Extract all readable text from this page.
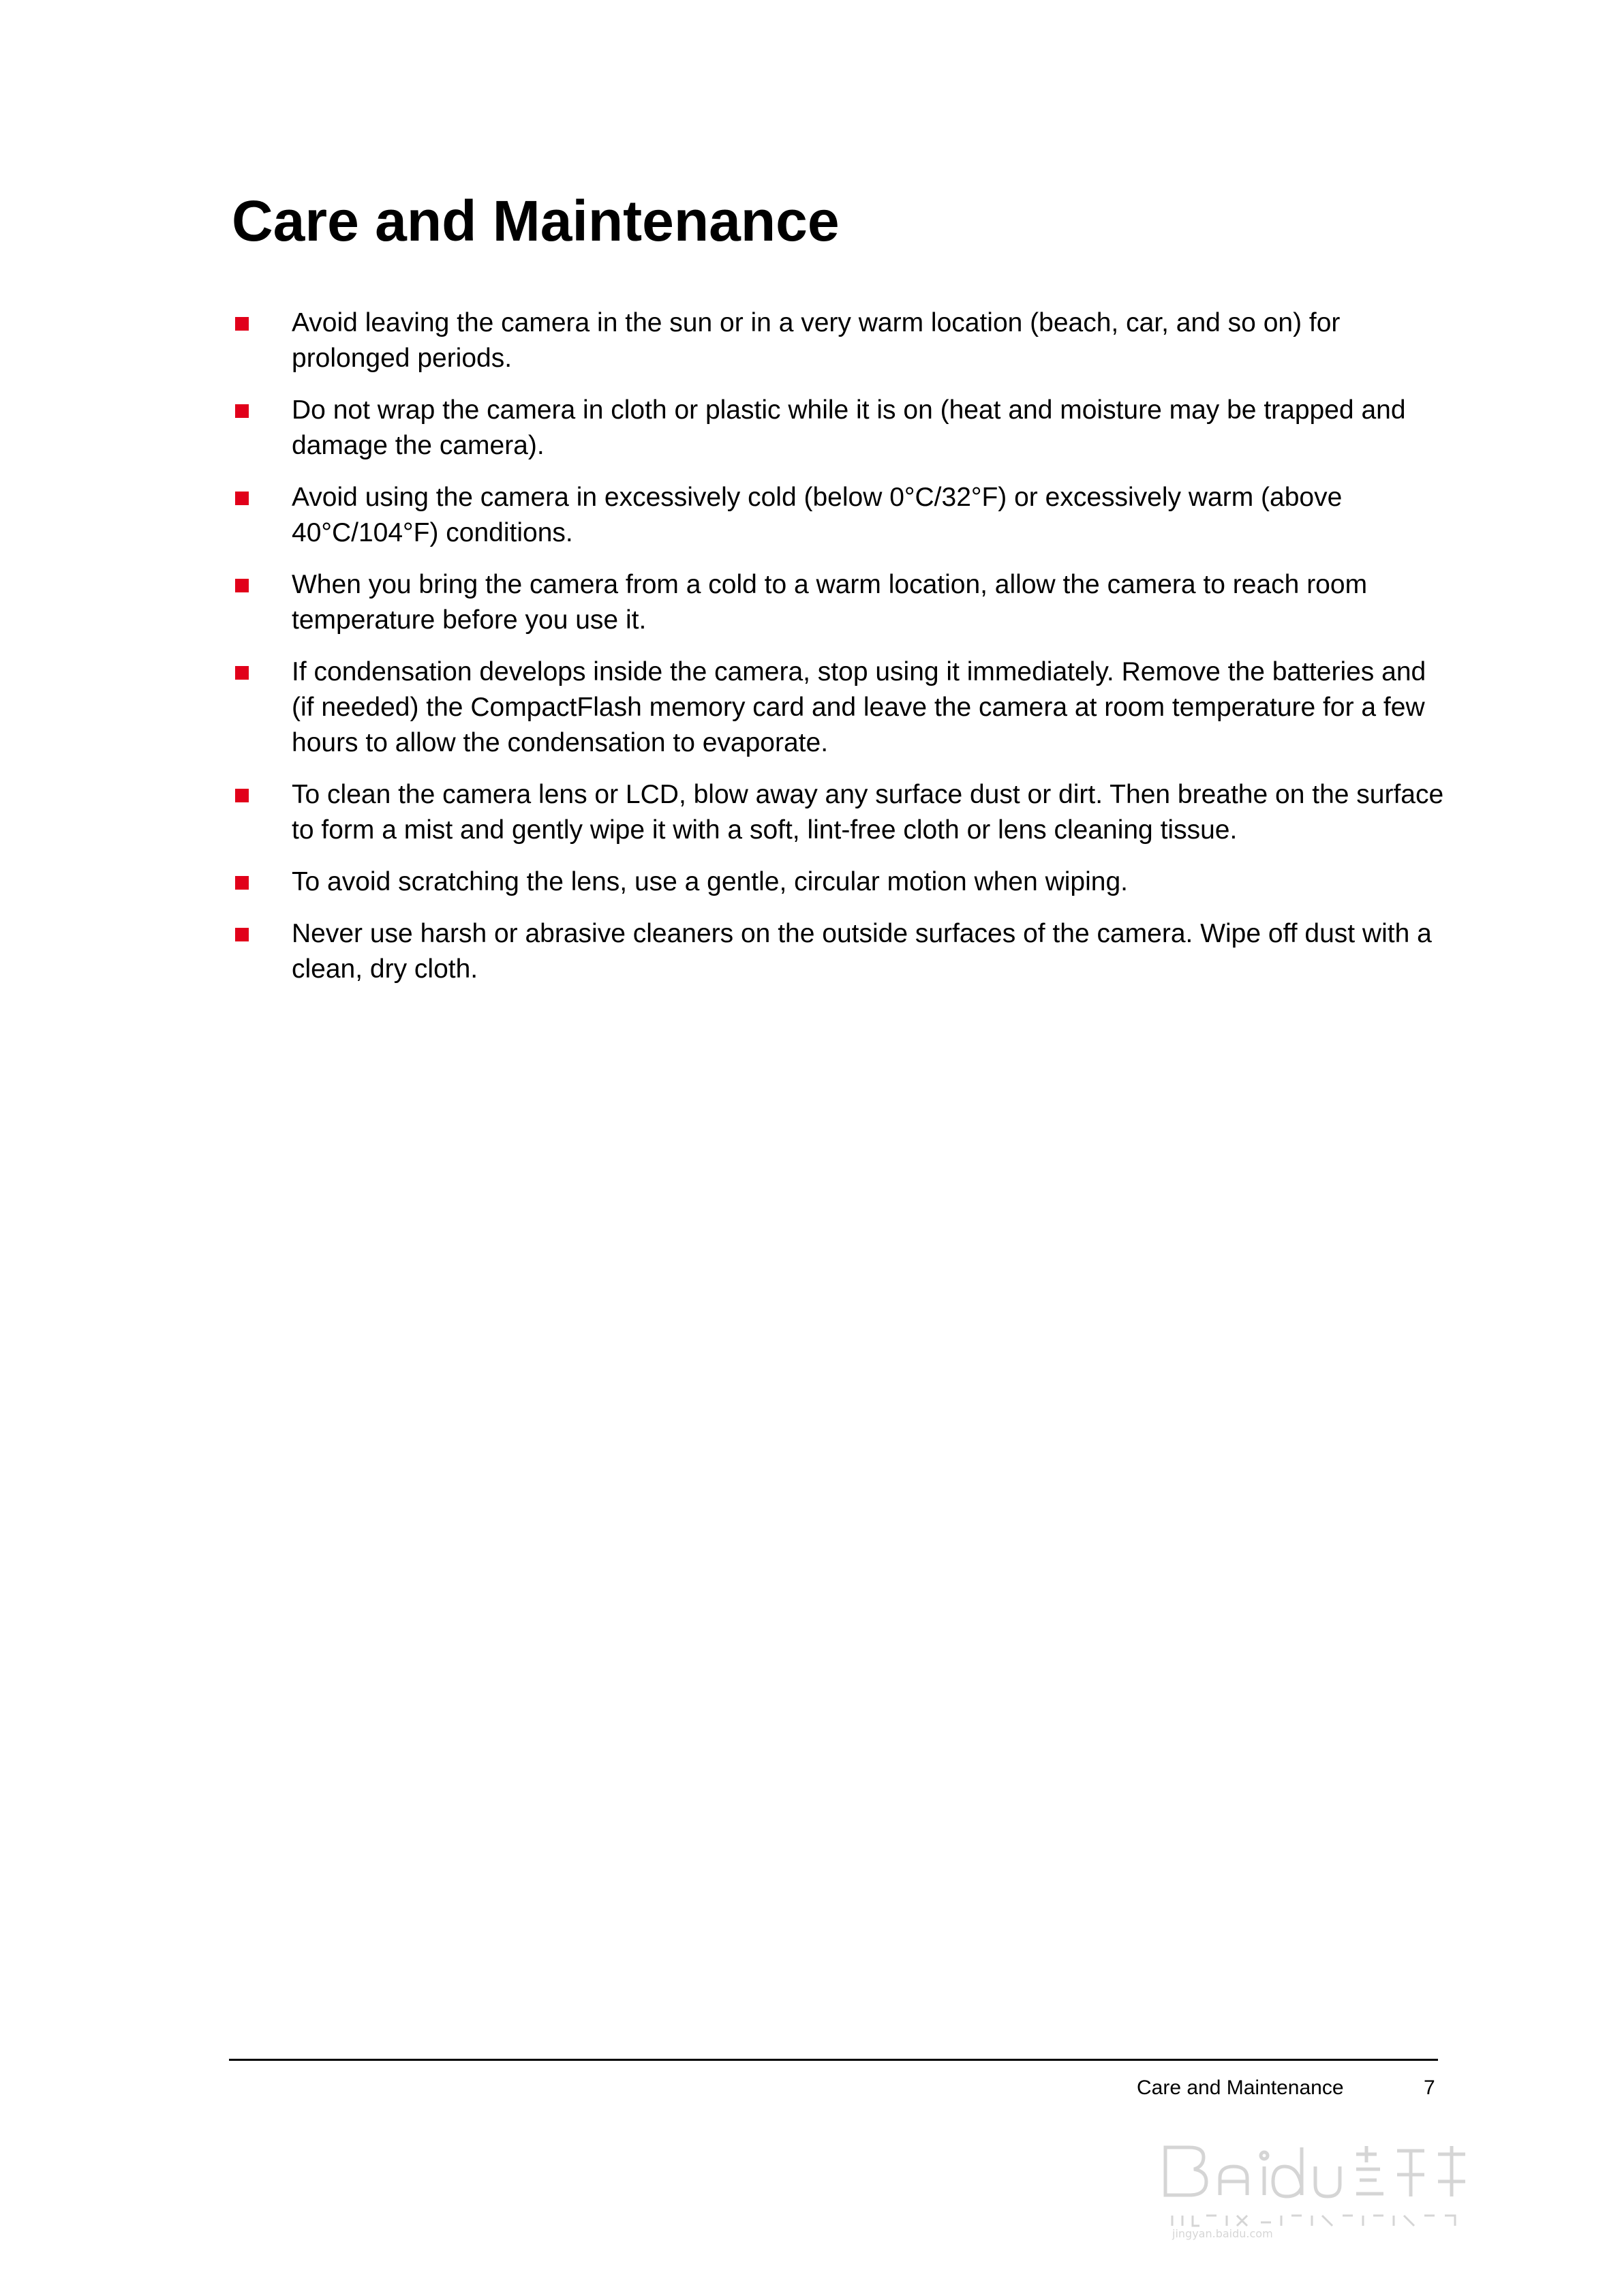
Care and Maintenance
Avoid leaving the camera in the sun or in a very warm location (beach, car, and so on) for prolonged periods.
Do not wrap the camera in cloth or plastic while it is on (heat and moisture may be trapped and damage the camera).
Avoid using the camera in excessively cold (below 0°C/32°F) or excessively warm (above 40°C/104°F) conditions.
When you bring the camera from a cold to a warm location, allow the camera to reach room temperature before you use it.
If condensation develops inside the camera, stop using it immediately. Remove the batteries and (if needed) the CompactFlash memory card and leave the camera at room temperature for a few hours to allow the condensation to evaporate.
To clean the camera lens or LCD, blow away any surface dust or dirt. Then breathe on the surface to form a mist and gently wipe it with a soft, lint-free cloth or lens cleaning tissue.
To avoid scratching the lens, use a gentle, circular motion when wiping.
Never use harsh or abrasive cleaners on the outside surfaces of the camera. Wipe off dust with a clean, dry cloth.
Care and Maintenance	7
jingyan.baidu.com
